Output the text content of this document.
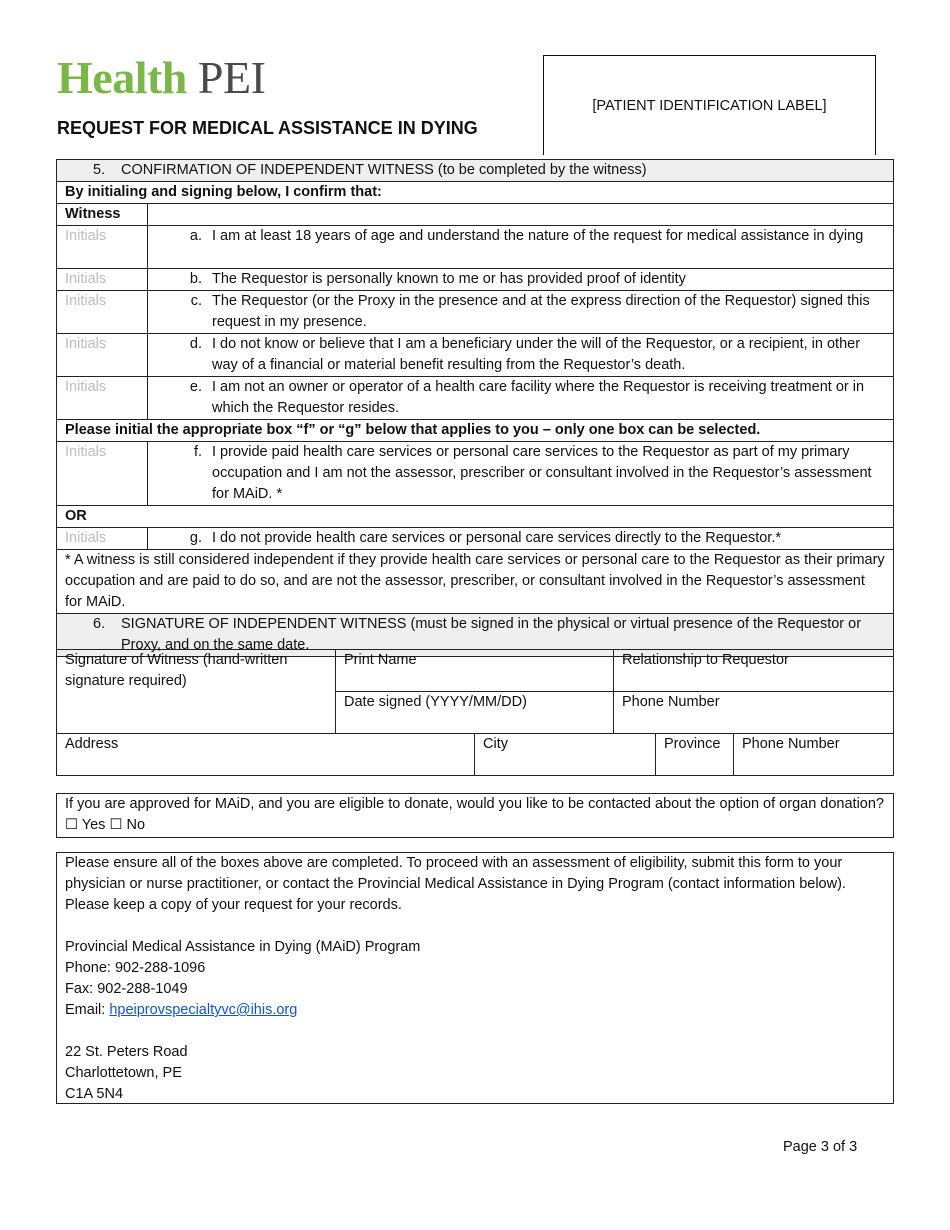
Health PEI
REQUEST FOR MEDICAL ASSISTANCE IN DYING
[PATIENT IDENTIFICATION LABEL]
5. CONFIRMATION OF INDEPENDENT WITNESS (to be completed by the witness)	
By initialing and signing below, I confirm that:	
Witness	
Initials	a. I am at least 18 years of age and understand the nature of the request for medical assistance in dying

Initials	b. The Requestor is personally known to me or has provided proof of identity

Initials	c. The Requestor (or the Proxy in the presence and at the express direction of the Requestor) signed this request in my presence.

Initials	d. I do not know or believe that I am a beneficiary under the will of the Requestor, or a recipient, in other way of a financial or material benefit resulting from the Requestor’s death.

Initials	e. I am not an owner or operator of a health care facility where the Requestor is receiving treatment or in which the Requestor resides.

Please initial the appropriate box “f” or “g” below that applies to you – only one box can be selected.	
Initials	f. I provide paid health care services or personal care services to the Requestor as part of my primary occupation and I am not the assessor, prescriber or consultant involved in the Requestor’s assessment for MAiD. *

OR	
Initials	g. I do not provide health care services or personal care services directly to the Requestor.*

* A witness is still considered independent if they provide health care services or personal care to the Requestor as their primary occupation and are paid to do so, and are not the assessor, prescriber, or consultant involved in the Requestor’s assessment for MAiD.	
6. SIGNATURE OF INDEPENDENT WITNESS (must be signed in the physical or virtual presence of the Requestor or Proxy, and on the same date.	
Signature of Witness (hand-written signature required)	Print Name		Relationship to Requestor		
	Date signed (YYYY/MM/DD)		Phone Number		
Address		City		Province	Phone Number
If you are approved for MAiD, and you are eligible to donate, would you like to be contacted about the option of organ donation? ☐ Yes ☐ No

Please ensure all of the boxes above are completed. To proceed with an assessment of eligibility, submit this form to your physician or nurse practitioner, or contact the Provincial Medical Assistance in Dying Program (contact information below). Please keep a copy of your request for your records.

Provincial Medical Assistance in Dying (MAiD) Program

Phone: 902-288-1096

Fax: 902-288-1049

Email: hpeiprovspecialtyvc@ihis.org

22 St. Peters Road

Charlottetown, PE

C1A 5N4

Page 3 of 3
